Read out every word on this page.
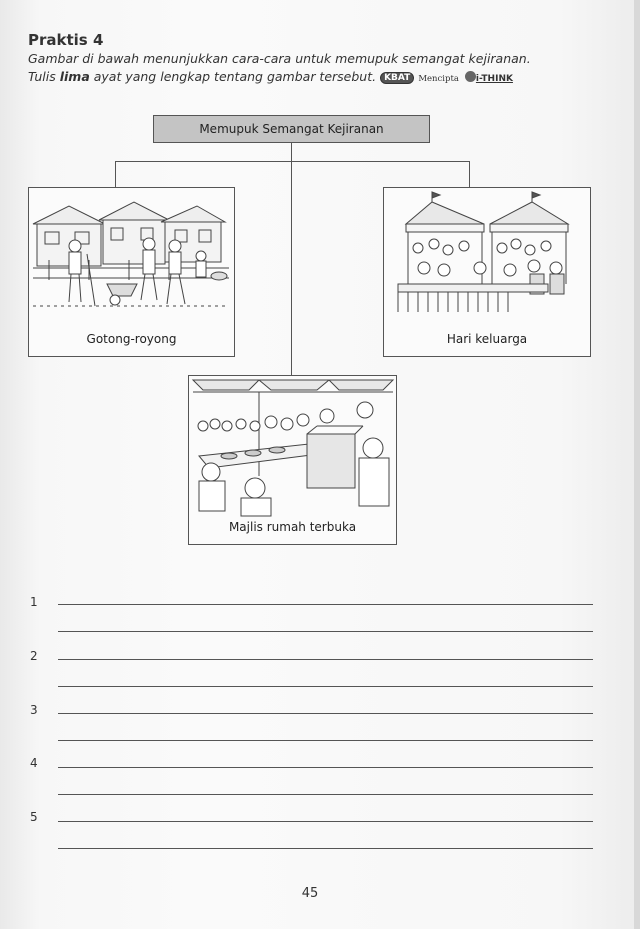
Praktis 4
Gambar di bawah menunjukkan cara-cara untuk memupuk semangat kejiranan.
Tulis lima ayat yang lengkap tentang gambar tersebut. KBAT Mencipta i-THINK
Memupuk Semangat Kejiranan
Gotong-royong	Hari keluarga
Majlis rumah terbuka
1
2
3
4
5
45
